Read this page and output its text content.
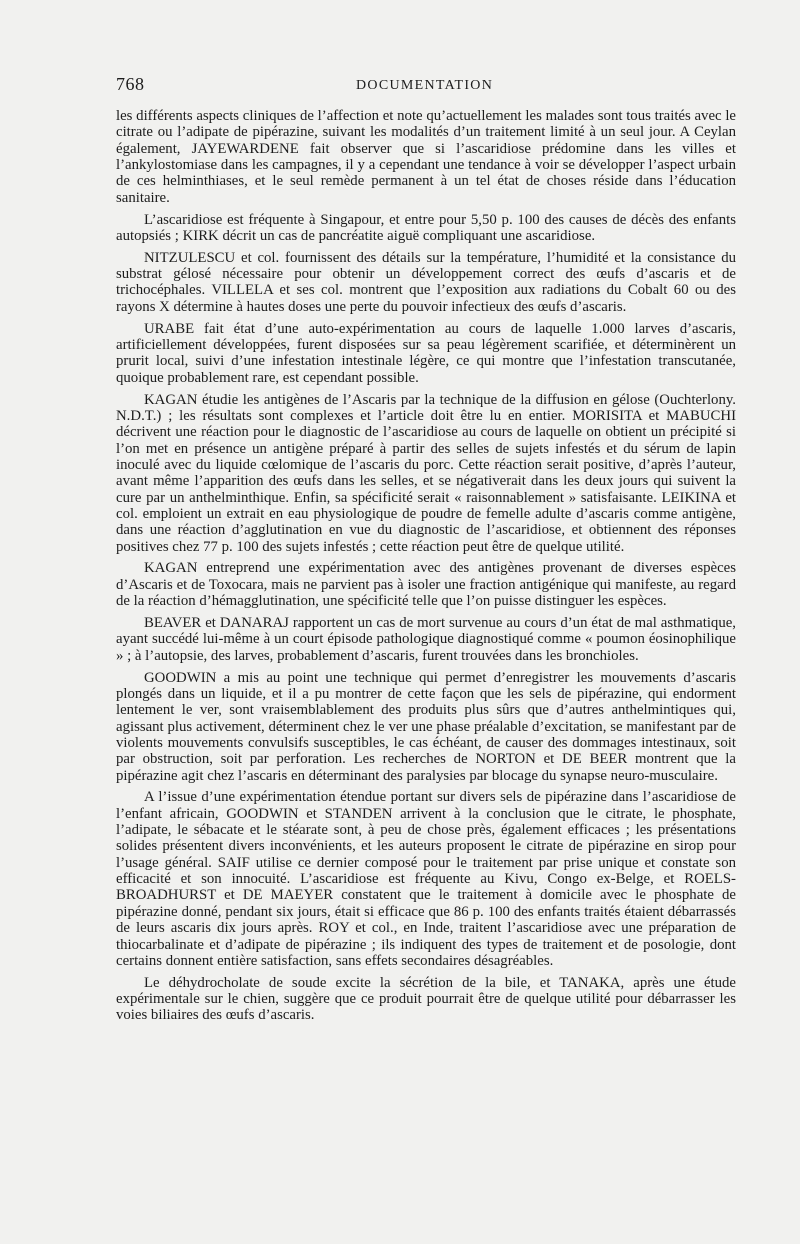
768	DOCUMENTATION

les différents aspects cliniques de l’affection et note qu’actuellement les malades sont tous traités avec le citrate ou l’adipate de pipérazine, suivant les modalités d’un traitement limité à un seul jour. A Ceylan également, JAYEWARDENE fait observer que si l’ascaridiose prédomine dans les villes et l’ankylostomiase dans les campagnes, il y a cependant une tendance à voir se développer l’aspect urbain de ces helminthiases, et le seul remède permanent à un tel état de choses réside dans l’éducation sanitaire.

L’ascaridiose est fréquente à Singapour, et entre pour 5,50 p. 100 des causes de décès des enfants autopsiés ; KIRK décrit un cas de pancréatite aiguë compliquant une ascaridiose.

NITZULESCU et col. fournissent des détails sur la température, l’humidité et la consistance du substrat gélosé nécessaire pour obtenir un développement correct des œufs d’ascaris et de trichocéphales. VILLELA et ses col. montrent que l’exposition aux radiations du Cobalt 60 ou des rayons X détermine à hautes doses une perte du pouvoir infectieux des œufs d’ascaris.

URABE fait état d’une auto-expérimentation au cours de laquelle 1.000 larves d’ascaris, artificiellement développées, furent disposées sur sa peau légèrement scarifiée, et déterminèrent un prurit local, suivi d’une infestation intestinale légère, ce qui montre que l’infestation transcutanée, quoique probablement rare, est cependant possible.

KAGAN étudie les antigènes de l’Ascaris par la technique de la diffusion en gélose (Ouchterlony. N.D.T.) ; les résultats sont complexes et l’article doit être lu en entier. MORISITA et MABUCHI décrivent une réaction pour le diagnostic de l’ascaridiose au cours de laquelle on obtient un précipité si l’on met en présence un antigène préparé à partir des selles de sujets infestés et du sérum de lapin inoculé avec du liquide cœlomique de l’ascaris du porc. Cette réaction serait positive, d’après l’auteur, avant même l’apparition des œufs dans les selles, et se négativerait dans les deux jours qui suivent la cure par un anthelminthique. Enfin, sa spécificité serait « raisonnablement » satisfaisante. LEIKINA et col. emploient un extrait en eau physiologique de poudre de femelle adulte d’ascaris comme antigène, dans une réaction d’agglutination en vue du diagnostic de l’ascaridiose, et obtiennent des réponses positives chez 77 p. 100 des sujets infestés ; cette réaction peut être de quelque utilité.

KAGAN entreprend une expérimentation avec des antigènes provenant de diverses espèces d’Ascaris et de Toxocara, mais ne parvient pas à isoler une fraction antigénique qui manifeste, au regard de la réaction d’hémagglutination, une spécificité telle que l’on puisse distinguer les espèces.

BEAVER et DANARAJ rapportent un cas de mort survenue au cours d’un état de mal asthmatique, ayant succédé lui-même à un court épisode pathologique diagnostiqué comme « poumon éosinophilique » ; à l’autopsie, des larves, probablement d’ascaris, furent trouvées dans les bronchioles.

GOODWIN a mis au point une technique qui permet d’enregistrer les mouvements d’ascaris plongés dans un liquide, et il a pu montrer de cette façon que les sels de pipérazine, qui endorment lentement le ver, sont vraisemblablement des produits plus sûrs que d’autres anthelmintiques qui, agissant plus activement, déterminent chez le ver une phase préalable d’excitation, se manifestant par de violents mouvements convulsifs susceptibles, le cas échéant, de causer des dommages intestinaux, soit par obstruction, soit par perforation. Les recherches de NORTON et DE BEER montrent que la pipérazine agit chez l’ascaris en déterminant des paralysies par blocage du synapse neuro-musculaire.

A l’issue d’une expérimentation étendue portant sur divers sels de pipérazine dans l’ascaridiose de l’enfant africain, GOODWIN et STANDEN arrivent à la conclusion que le citrate, le phosphate, l’adipate, le sébacate et le stéarate sont, à peu de chose près, également efficaces ; les présentations solides présentent divers inconvénients, et les auteurs proposent le citrate de pipérazine en sirop pour l’usage général. SAIF utilise ce dernier composé pour le traitement par prise unique et constate son efficacité et son innocuité. L’ascaridiose est fréquente au Kivu, Congo ex-Belge, et ROELS-BROADHURST et DE MAEYER constatent que le traitement à domicile avec le phosphate de pipérazine donné, pendant six jours, était si efficace que 86 p. 100 des enfants traités étaient débarrassés de leurs ascaris dix jours après. ROY et col., en Inde, traitent l’ascaridiose avec une préparation de thiocarbalinate et d’adipate de pipérazine ; ils indiquent des types de traitement et de posologie, dont certains donnent entière satisfaction, sans effets secondaires désagréables.

Le déhydrocholate de soude excite la sécrétion de la bile, et TANAKA, après une étude expérimentale sur le chien, suggère que ce produit pourrait être de quelque utilité pour débarrasser les voies biliaires des œufs d’ascaris.
